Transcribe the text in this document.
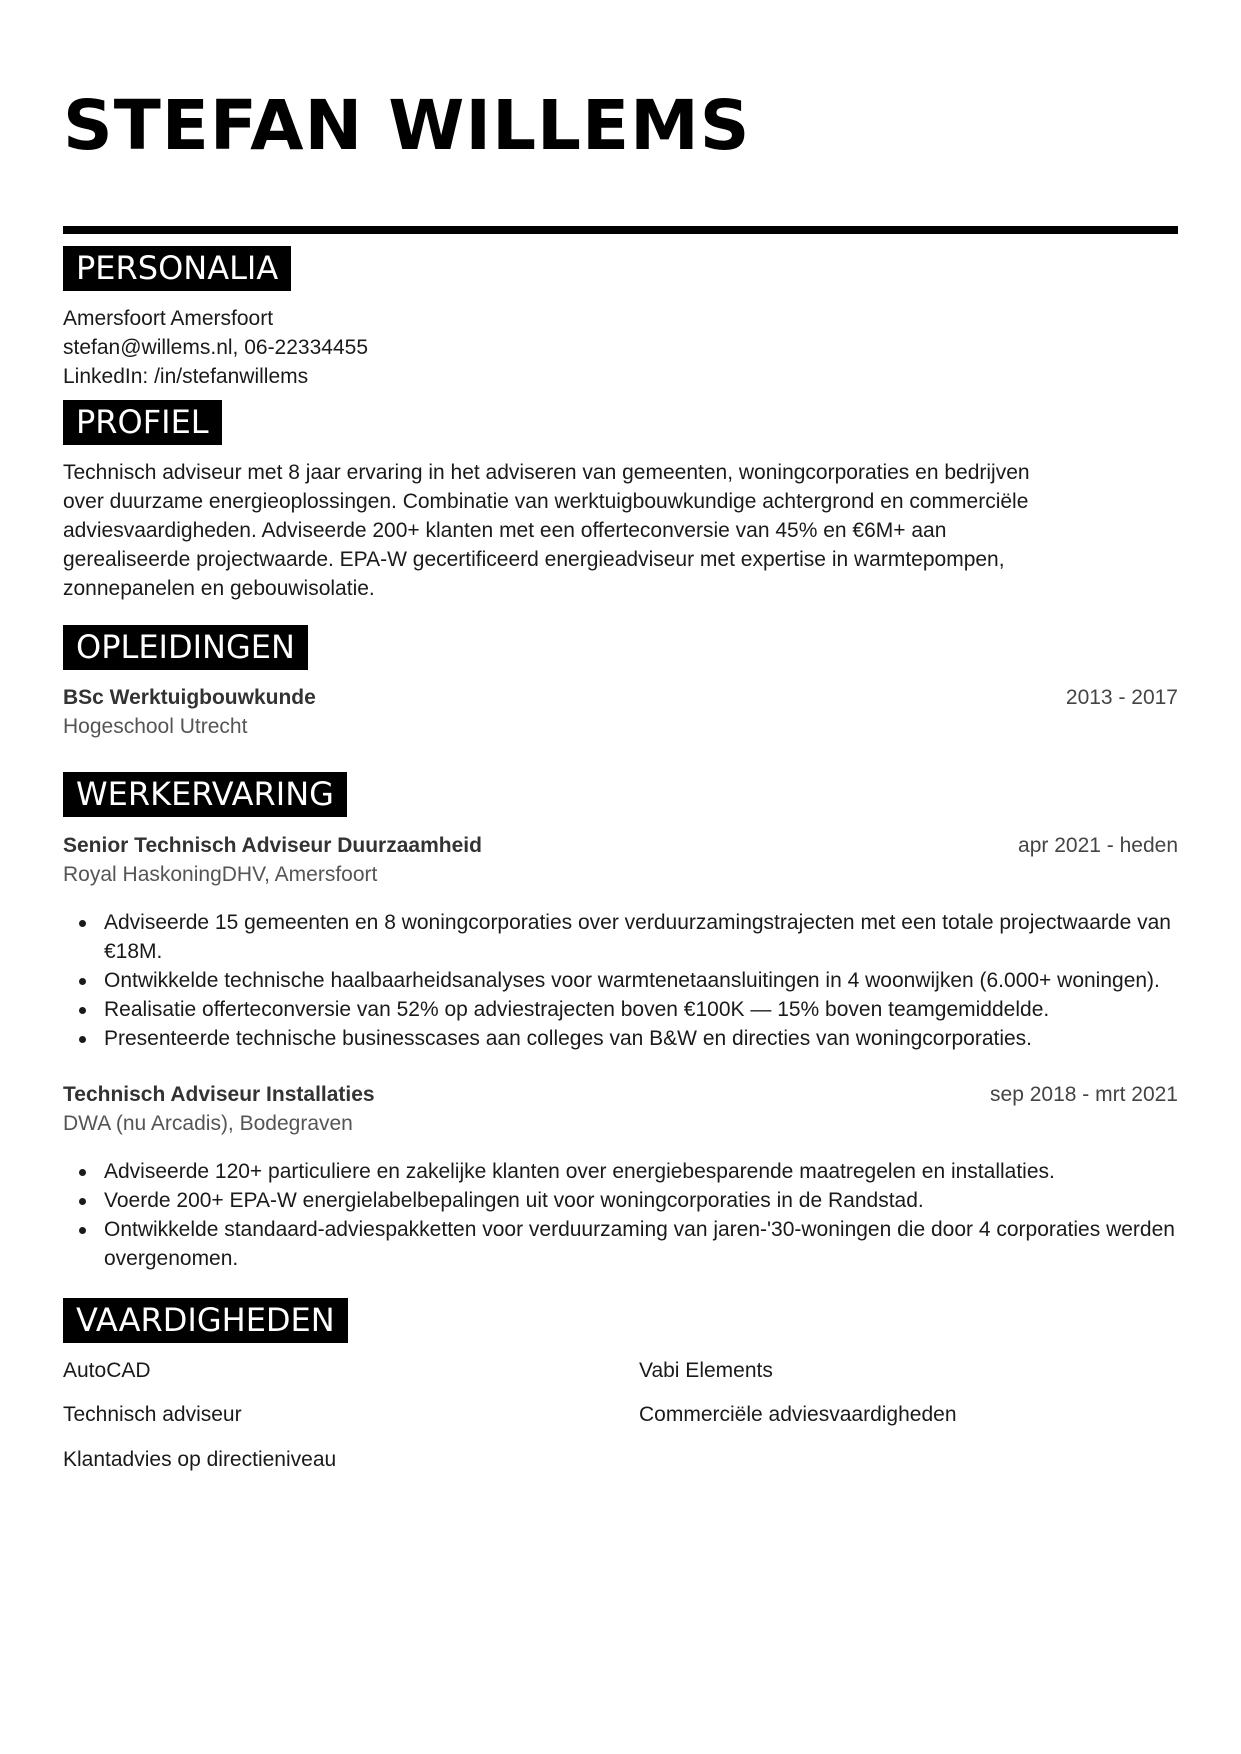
STEFAN WILLEMS
PERSONALIA
Amersfoort Amersfoort
stefan@willems.nl, 06-22334455
LinkedIn: /in/stefanwillems
PROFIEL
Technisch adviseur met 8 jaar ervaring in het adviseren van gemeenten, woningcorporaties en bedrijven
over duurzame energieoplossingen. Combinatie van werktuigbouwkundige achtergrond en commerciële
adviesvaardigheden. Adviseerde 200+ klanten met een offerteconversie van 45% en €6M+ aan
gerealiseerde projectwaarde. EPA-W gecertificeerd energieadviseur met expertise in warmtepompen,
zonnepanelen en gebouwisolatie.
OPLEIDINGEN
BSc Werktuigbouwkunde	2013 - 2017
Hogeschool Utrecht
WERKERVARING
Senior Technisch Adviseur Duurzaamheid	apr 2021 - heden
Royal HaskoningDHV, Amersfoort
Adviseerde 15 gemeenten en 8 woningcorporaties over verduurzamingstrajecten met een totale projectwaarde van €18M.
Ontwikkelde technische haalbaarheidsanalyses voor warmtenetaansluitingen in 4 woonwijken (6.000+ woningen).
Realisatie offerteconversie van 52% op adviestrajecten boven €100K — 15% boven teamgemiddelde.
Presenteerde technische businesscases aan colleges van B&W en directies van woningcorporaties.
Technisch Adviseur Installaties	sep 2018 - mrt 2021
DWA (nu Arcadis), Bodegraven
Adviseerde 120+ particuliere en zakelijke klanten over energiebesparende maatregelen en installaties.
Voerde 200+ EPA-W energielabelbepalingen uit voor woningcorporaties in de Randstad.
Ontwikkelde standaard-adviespakketten voor verduurzaming van jaren-'30-woningen die door 4 corporaties werden overgenomen.
VAARDIGHEDEN
AutoCAD	Vabi Elements
Technisch adviseur	Commerciële adviesvaardigheden
Klantadvies op directieniveau
